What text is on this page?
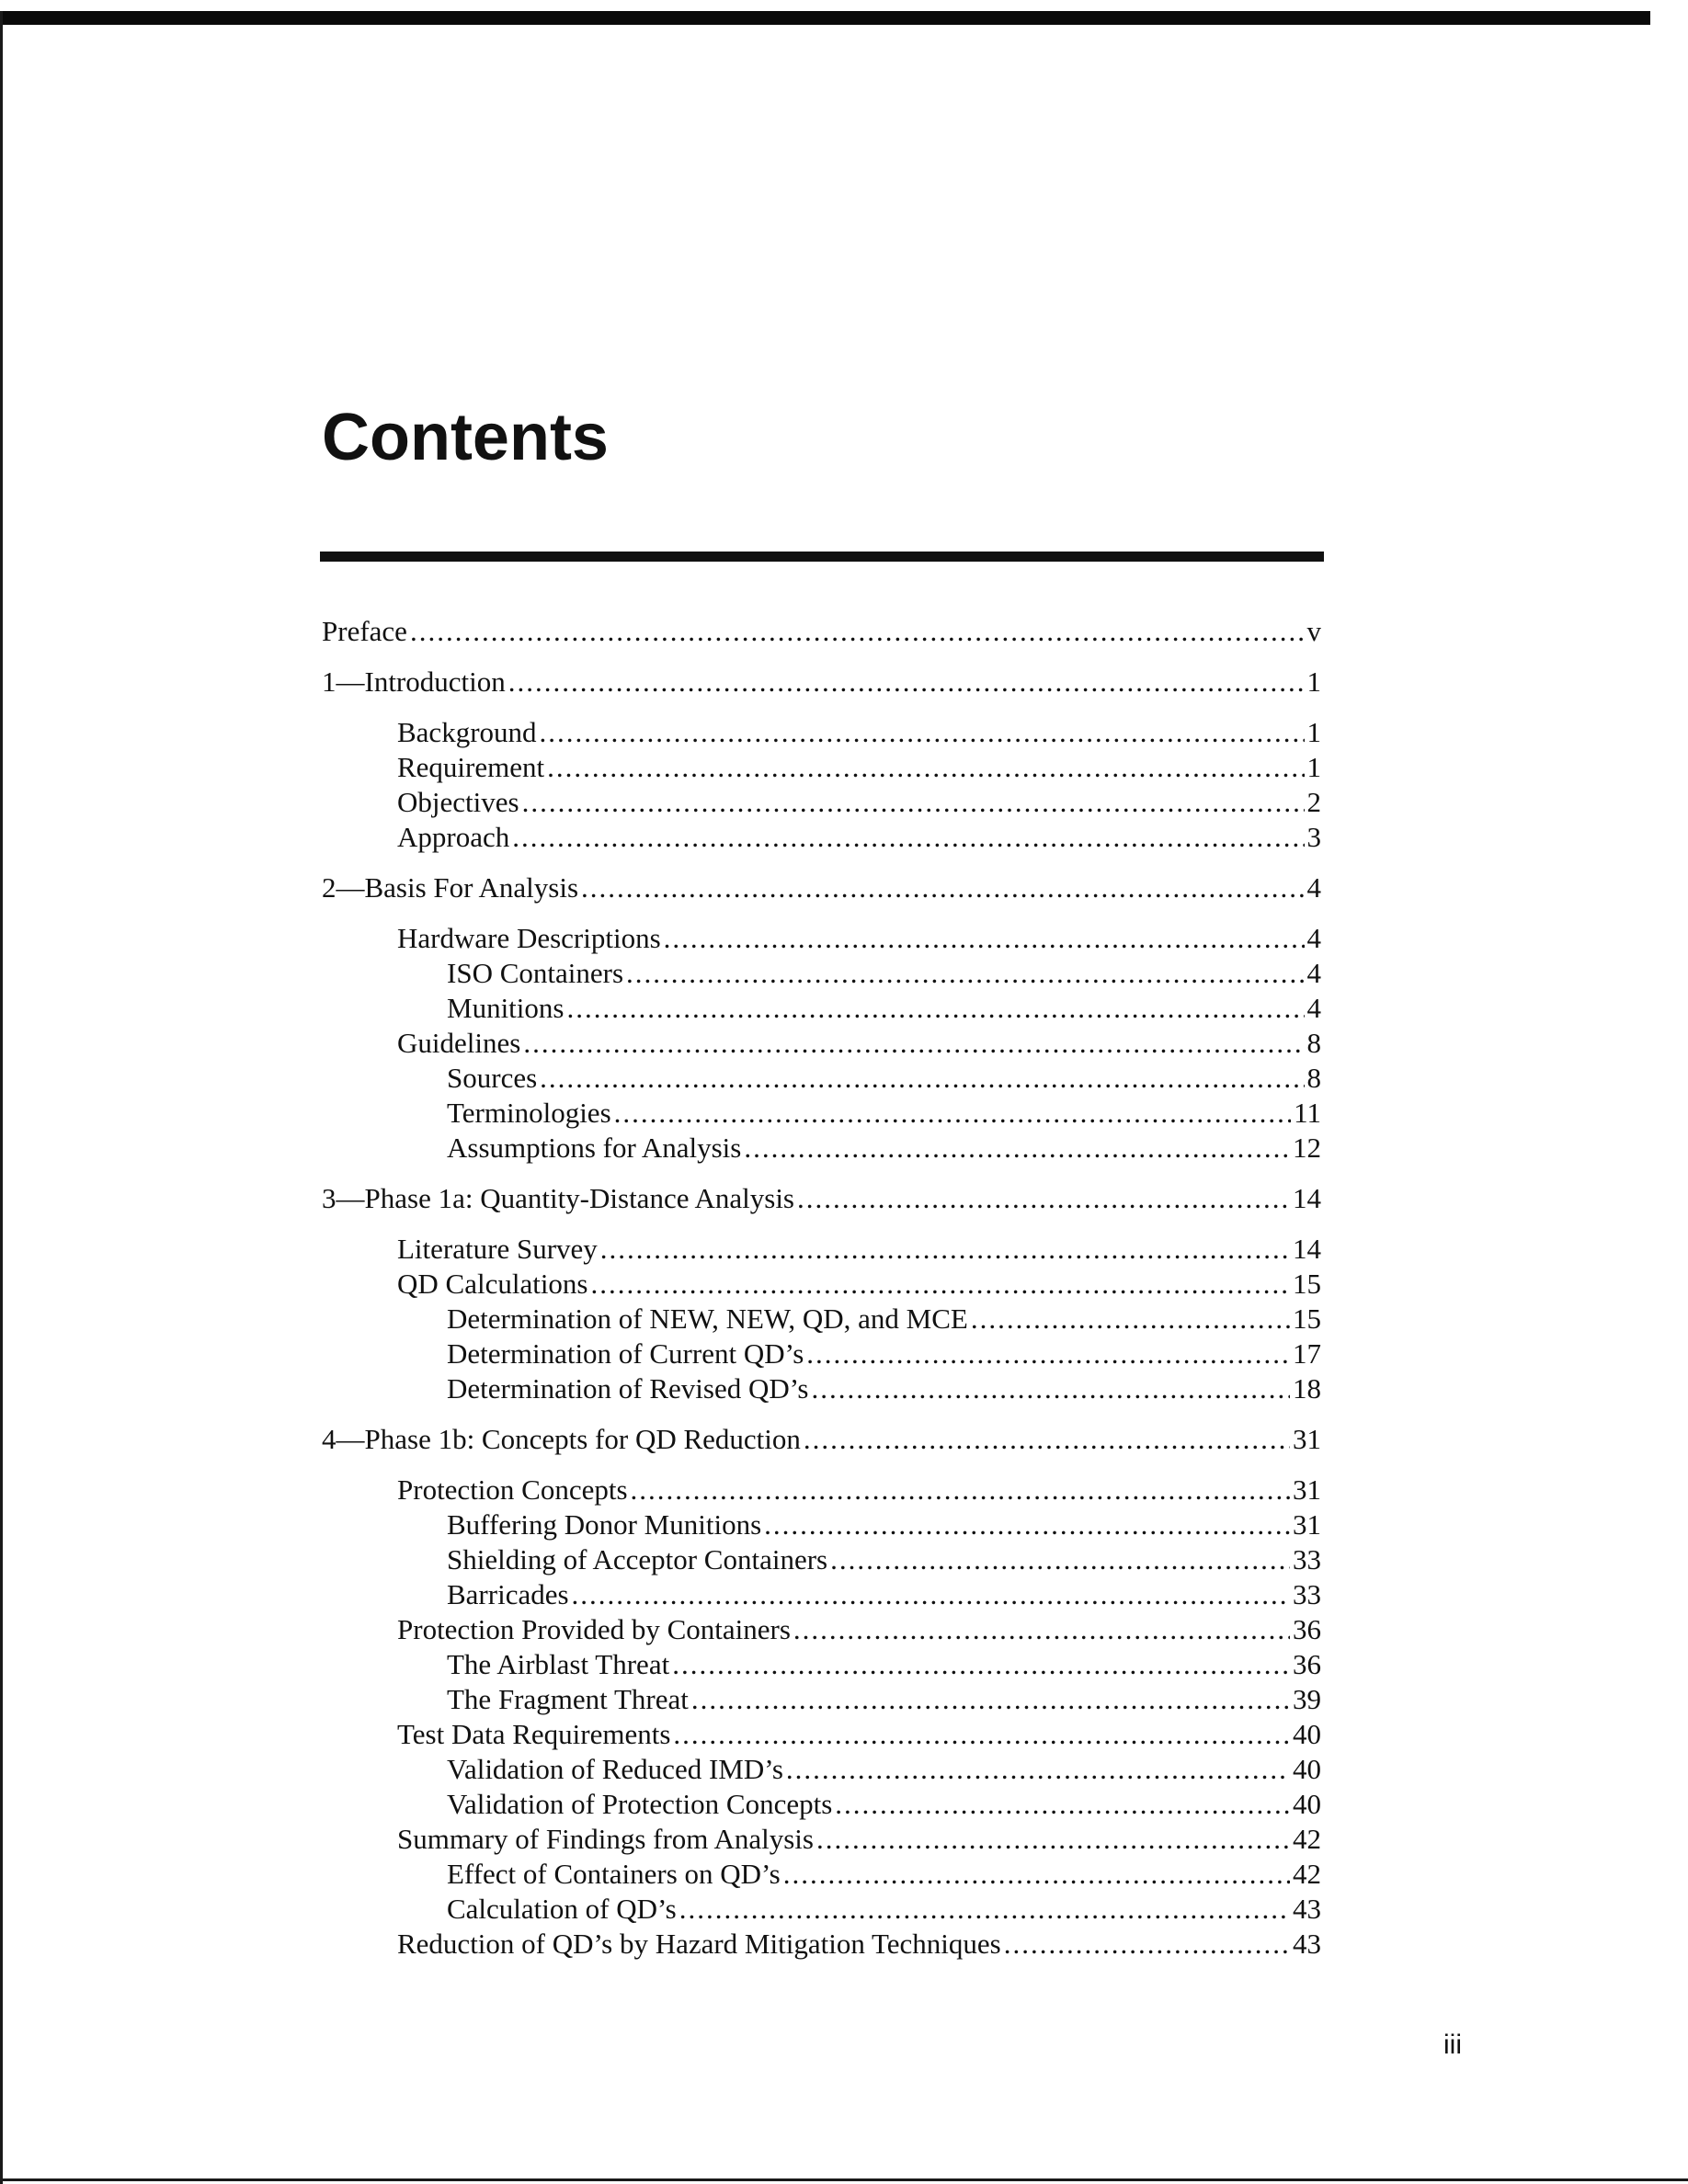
Contents
Preface .....	v
1—Introduction .....	1
Background .....	1
Requirement .....	1
Objectives .....	2
Approach .....	3
2—Basis For Analysis .....	4
Hardware Descriptions .....	4
ISO Containers .....	4
Munitions .....	4
Guidelines .....	8
Sources .....	8
Terminologies .....	11
Assumptions for Analysis .....	12
3—Phase 1a: Quantity-Distance Analysis .....	14
Literature Survey .....	14
QD Calculations .....	15
Determination of NEW, NEW, QD, and MCE .....	15
Determination of Current QD’s .....	17
Determination of Revised QD’s .....	18
4—Phase 1b: Concepts for QD Reduction .....	31
Protection Concepts .....	31
Buffering Donor Munitions .....	31
Shielding of Acceptor Containers .....	33
Barricades .....	33
Protection Provided by Containers .....	36
The Airblast Threat .....	36
The Fragment Threat .....	39
Test Data Requirements .....	40
Validation of Reduced IMD’s .....	40
Validation of Protection Concepts .....	40
Summary of Findings from Analysis .....	42
Effect of Containers on QD’s .....	42
Calculation of QD’s .....	43
Reduction of QD’s by Hazard Mitigation Techniques .....	43
iii
